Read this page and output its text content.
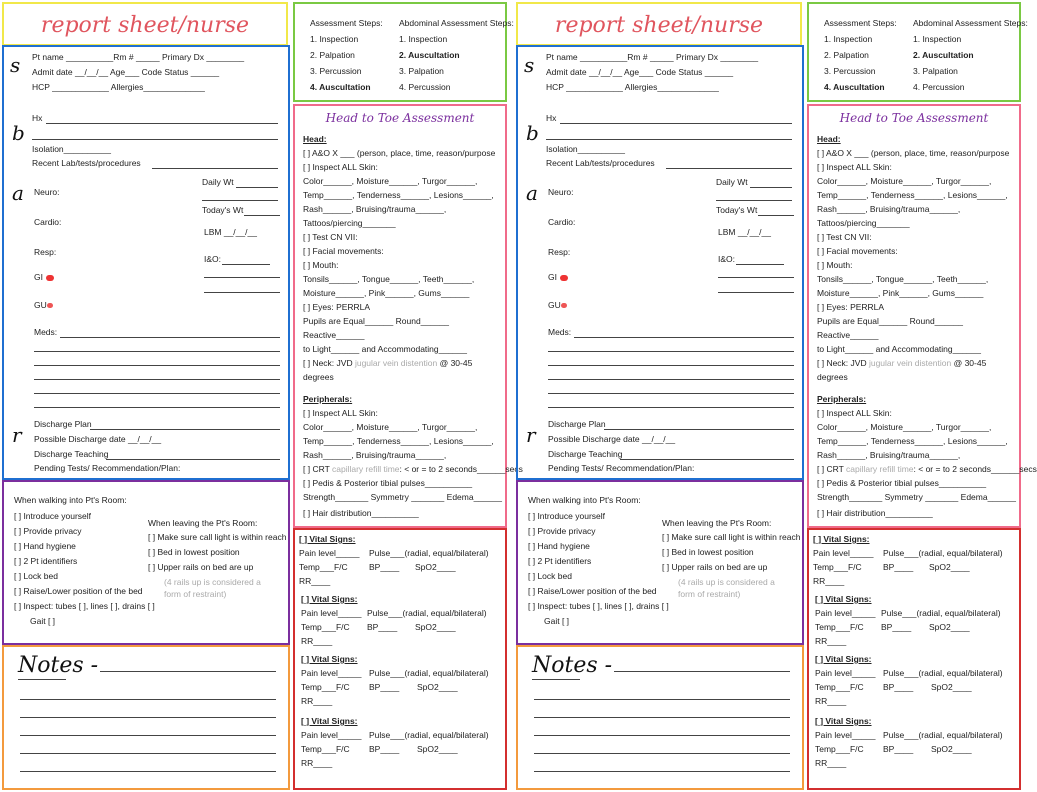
report sheet/nurse	Assessment Steps:
1. Inspection
2. Palpation
3. Percussion
4. Auscultation
Abdominal Assessment Steps:
1. Inspection
2. Auscultation
3. Palpation
4. Percussion
s Pt name __________Rm # _____ Primary Dx ________
Admit date __/__/__ Age___ Code Status ______
HCP ____________ Allergies_____________
Hx
b
Isolation__________
Recent Lab/tests/procedures
a Neuro:
Daily Wt
Today's Wt
Cardio:
LBM __/__/__
Resp:
I&O:
GI
GU
Meds:
Discharge Plan
r Possible Discharge date __/__/__
Discharge Teaching
Pending Tests/ Recommendation/Plan:
When walking into Pt's Room:
[ ] Introduce yourself
[ ] Provide privacy
[ ] Hand hygiene
[ ] 2 Pt identifiers
[ ] Lock bed
[ ] Raise/Lower position of the bed
[ ] Inspect: tubes [ ], lines [ ], drains [ ]
Gait [ ]
When leaving the Pt's Room:
[ ] Make sure call light is within reach
[ ] Bed in lowest position
[ ] Upper rails on bed are up
(4 rails up is considered a form of restraint)
Notes -
Head to Toe Assessment
Head:
[ ] A&O X ___ (person, place, time, reason/purpose
[ ] Inspect ALL Skin:
Color______, Moisture______, Turgor______,
Temp______, Tenderness______, Lesions______,
Rash______, Bruising/trauma______,
Tattoos/piercing_______
[ ] Test CN VII:
[ ] Facial movements:
[ ] Mouth:
Tonsils______, Tongue______, Teeth______,
Moisture______, Pink______, Gums______
[ ] Eyes: PERRLA
Pupils are Equal______ Round______
Reactive______
to Light______ and Accommodating______
[ ] Neck: JVD jugular vein distention @ 30-45
degrees
Peripherals:
[ ] Inspect ALL Skin:
Color______, Moisture______, Turgor______,
Temp______, Tenderness______, Lesions______,
Rash______, Bruising/trauma______,
[ ] CRT capillary refill time: < or = to 2 seconds______secs
[ ] Pedis & Posterior tibial pulses__________
Strength_______ Symmetry _______ Edema______
[ ] Hair distribution__________
[ ] Vital Signs:
Pain level_____ Pulse___(radial, equal/bilateral)
Temp___F/C	BP____ SpO2____
RR____
[ ] Vital Signs:
Pain level_____ Pulse___(radial, equal/bilateral)
Temp___F/C BP____ SpO2____
RR____
[ ] Vital Signs:
Pain level_____ Pulse___(radial, equal/bilateral)
Temp___F/C BP____ SpO2____
RR____
[ ] Vital Signs:
Pain level_____ Pulse___(radial, equal/bilateral)
Temp___F/C BP____ SpO2____
RR____
report sheet/nurse	Assessment Steps:
1. Inspection
2. Palpation
3. Percussion
4. Auscultation
Abdominal Assessment Steps:
1. Inspection
2. Auscultation
3. Palpation
4. Percussion
s Pt name __________Rm # _____ Primary Dx ________
Admit date __/__/__ Age___ Code Status ______
HCP ____________ Allergies_____________
Hx
b
Isolation__________
Recent Lab/tests/procedures
a Neuro:
Daily Wt
Today's Wt
Cardio:
LBM __/__/__
Resp:
I&O:
GI
GU
Meds:
Discharge Plan
r Possible Discharge date __/__/__
Discharge Teaching
Pending Tests/ Recommendation/Plan:
When walking into Pt's Room:
[ ] Introduce yourself
[ ] Provide privacy
[ ] Hand hygiene
[ ] 2 Pt identifiers
[ ] Lock bed
[ ] Raise/Lower position of the bed
[ ] Inspect: tubes [ ], lines [ ], drains [ ]
Gait [ ]
When leaving the Pt's Room:
[ ] Make sure call light is within reach
[ ] Bed in lowest position
[ ] Upper rails on bed are up
(4 rails up is considered a form of restraint)
Notes -
Head to Toe Assessment
Head:
[ ] A&O X ___ (person, place, time, reason/purpose
[ ] Inspect ALL Skin:
Color______, Moisture______, Turgor______,
Temp______, Tenderness______, Lesions______,
Rash______, Bruising/trauma______,
Tattoos/piercing_______
[ ] Test CN VII:
[ ] Facial movements:
[ ] Mouth:
Tonsils______, Tongue______, Teeth______,
Moisture______, Pink______, Gums______
[ ] Eyes: PERRLA
Pupils are Equal______ Round______
Reactive______
to Light______ and Accommodating______
[ ] Neck: JVD jugular vein distention @ 30-45
degrees
Peripherals:
[ ] Inspect ALL Skin:
Color______, Moisture______, Turgor______,
Temp______, Tenderness______, Lesions______,
Rash______, Bruising/trauma______,
[ ] CRT capillary refill time: < or = to 2 seconds______secs
[ ] Pedis & Posterior tibial pulses__________
Strength_______ Symmetry _______ Edema______
[ ] Hair distribution__________
[ ] Vital Signs:
Pain level_____ Pulse___(radial, equal/bilateral)
Temp___F/C	BP____ SpO2____
RR____
[ ] Vital Signs:
Pain level_____ Pulse___(radial, equal/bilateral)
Temp___F/C BP____ SpO2____
RR____
[ ] Vital Signs:
Pain level_____ Pulse___(radial, equal/bilateral)
Temp___F/C BP____ SpO2____
RR____
[ ] Vital Signs:
Pain level_____ Pulse___(radial, equal/bilateral)
Temp___F/C BP____ SpO2____
RR____
